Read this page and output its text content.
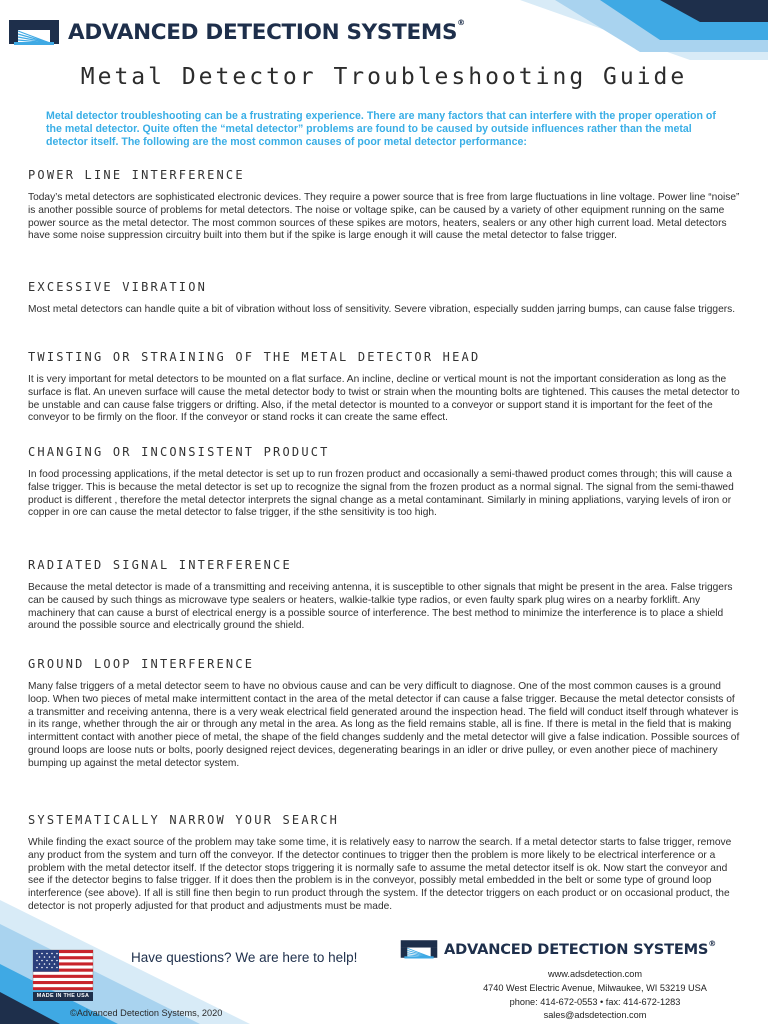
ADVANCED DETECTION SYSTEMS®
Metal Detector Troubleshooting Guide
Metal detector troubleshooting can be a frustrating experience. There are many factors that can interfere with the proper operation of the metal detector. Quite often the “metal detector” problems are found to be caused by outside influences rather than the metal detector itself. The following are the most common causes of poor metal detector performance:
POWER LINE INTERFERENCE

Today’s metal detectors are sophisticated electronic devices. They require a power source that is free from large fluctuations in line voltage. Power line “noise” is another possible source of problems for metal detectors. The noise or voltage spike, can be caused by a variety of other equipment running on the same power source as the metal detector. The most common sources of these spikes are motors, heaters, sealers or any other high current load. Metal detectors have some noise suppression circuitry built into them but if the spike is large enough it will cause the metal detector to false trigger.

EXCESSIVE VIBRATION

Most metal detectors can handle quite a bit of vibration without loss of sensitivity. Severe vibration, especially sudden jarring bumps, can cause false triggers.

TWISTING OR STRAINING OF THE METAL DETECTOR HEAD

It is very important for metal detectors to be mounted on a flat surface. An incline, decline or vertical mount is not the important consideration as long as the surface is flat. An uneven surface will cause the metal detector body to twist or strain when the mounting bolts are tightened. This causes the metal detector to be unstable and can cause false triggers or drifting. Also, if the metal detector is mounted to a conveyor or support stand it is important for the feet of the conveyor to be firmly on the floor. If the conveyor or stand rocks it can create the same effect.

CHANGING OR INCONSISTENT PRODUCT

In food processing applications, if the metal detector is set up to run frozen product and occasionally a semi-thawed product comes through; this will cause a false trigger. This is because the metal detector is set up to recognize the signal from the frozen product as a normal signal. The signal from the semi-thawed product is different , therefore the metal detector interprets the signal change as a metal contaminant. Similarly in mining appliations, varying levels of iron or copper in ore can cause the metal detector to false trigger, if the sthe sensitivity is too high.

RADIATED SIGNAL INTERFERENCE

Because the metal detector is made of a transmitting and receiving antenna, it is susceptible to other signals that might be present in the area. False triggers can be caused by such things as microwave type sealers or heaters, walkie-talkie type radios, or even faulty spark plug wires on a nearby forklift. Any machinery that can cause a burst of electrical energy is a possible source of interference. The best method to minimize the interference is to place a shield around the possible source and electrically ground the shield.

GROUND LOOP INTERFERENCE

Many false triggers of a metal detector seem to have no obvious cause and can be very difficult to diagnose. One of the most common causes is a ground loop. When two pieces of metal make intermittent contact in the area of the metal detector if can cause a false trigger. Because the metal detector consists of a transmitter and receiving antenna, there is a very weak electrical field generated around the inspection head. The field will conduct itself through whatever is in its range, whether through the air or through any metal in the area. As long as the field remains stable, all is fine. If there is metal in the field that is making intermittent contact with another piece of metal, the shape of the field changes suddenly and the metal detector will give a false indication. Possible sources of ground loops are loose nuts or bolts, poorly designed reject devices, degenerating bearings in an idler or drive pulley, or even another piece of machinery bumping up against the metal detector system.

SYSTEMATICALLY NARROW YOUR SEARCH

While finding the exact source of the problem may take some time, it is relatively easy to narrow the search. If a metal detector starts to false trigger, remove any product from the system and turn off the conveyor. If the detector continues to trigger then the problem is more likely to be electrical interference or a problem with the metal detector itself. If the detector stops triggering it is normally safe to assume the metal detector itself is ok. Now start the conveyor and see if the detector begins to false trigger. If it does then the problem is in the conveyor, possibly metal embedded in the belt or some type of ground loop interference (see above). If all is still fine then begin to run product through the system. If the detector triggers on each product or on occasional product, the detector is not properly adjusted for that product and adjustments must be made.

MADE IN THE USA
Have questions? We are here to help!
©Advanced Detection Systems, 2020
ADVANCED DETECTION SYSTEMS®
www.adsdetection.com
4740 West Electric Avenue, Milwaukee, WI 53219 USA
phone: 414-672-0553 • fax: 414-672-1283
sales@adsdetection.com
